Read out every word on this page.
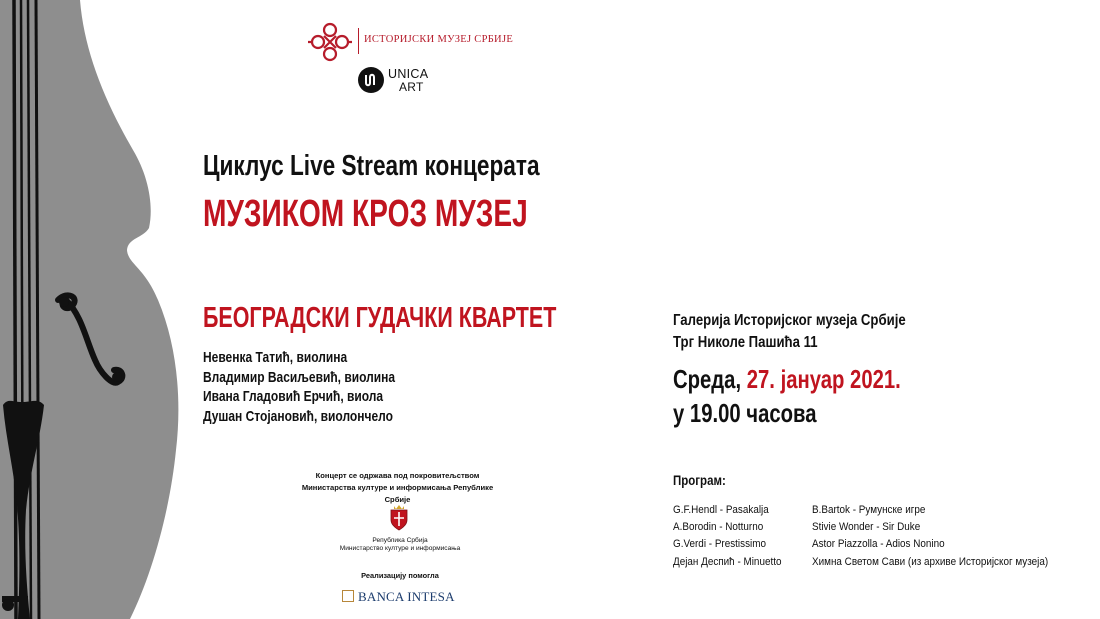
ИСТОРИЈСКИ МУЗЕЈ СРБИЈЕ
UNICA
ART
Циклус Live Stream концерата
МУЗИКОМ КРОЗ МУЗЕЈ
БЕОГРАДСКИ ГУДАЧКИ КВАРТЕТ
Невенка Татић, виолина
Владимир Васиљевић, виолина
Ивана Гладовић Ерчић, виола
Душан Стојановић, виолончело
Концерт се одржава под покровитељством
Министарства културе и информисања Републике Србије
Република Србија
Министарство културе и информисања
Реализацију помогла
BANCA INTESA
Галерија Историјског музеја Србије
Трг Николе Пашића 11
Среда, 27. јануар 2021.
у 19.00 часова
Програм:
G.F.Hendl - Pasakalja
A.Borodin - Notturno
G.Verdi - Prestissimo
Дејан Деспић - Minuetto
B.Bartok - Румунске игре
Stivie Wonder - Sir Duke
Astor Piazzolla - Adios Nonino
Химна Светом Сави (из архиве Историјског музеја)
